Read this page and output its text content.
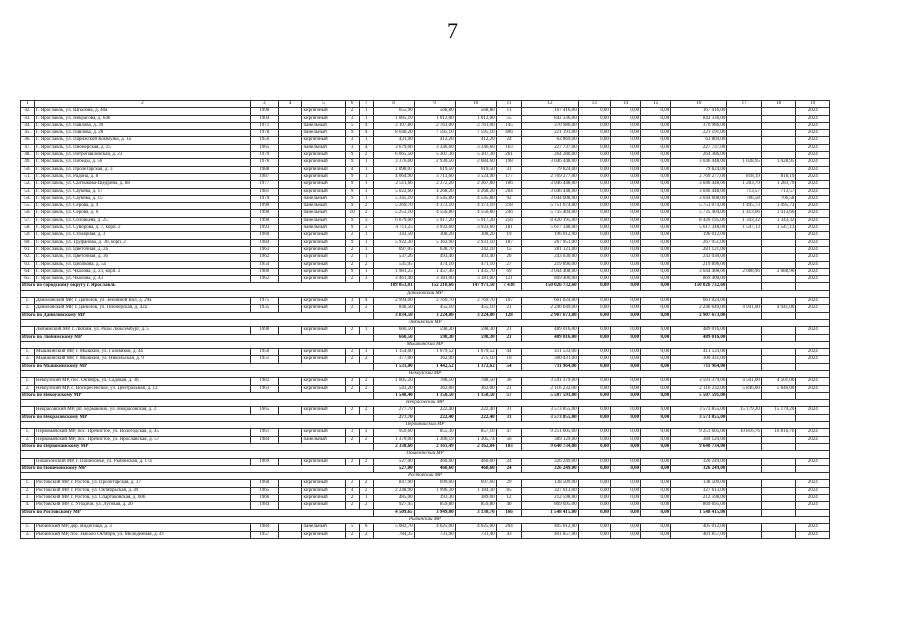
7
1	2	3	4	5	6	7	8	9	10	11	12	13	14	15	16	17	18	19
42.	Г. Ярославль, ул. Шпалова, д. 40а	1990		кирпичный	2	1	655,90	568,80	568,80	11	167 416,00	0,00	0,00	0,00	167 416,00			2024
43.	Г. Ярославль, ул. Некрасова, д. 64б	1904		кирпичный	3	1	1 085,10	1 012,00	1 012,00	55	842 336,00	0,00	0,00	0,00	842 336,00			2024
44.	Г. Ярославль, ул. Павлова, д. 39	1971		панельный	5	4	3 107,80	2 761,00	2 761,00	145	370 986,00	0,00	0,00	0,00	370 986,00			2024
45.	Г. Ярославль, ул. Павлова, д. 28	1978		панельный	9	4	8 640,20	7 595,10	7 595,10	406	221 191,00	0,00	0,00	0,00	221 191,00			2024
46.	Г. Ярославль, ул. Парижской Коммуны, д. 1а	1956		кирпичный	3	1	431,90	412,20	412,20	24	63 869,00	0,00	0,00	0,00	63 869,00			2024
47.	Г. Ярославль, ул. Пионерская, д. 25	1965		панельный	3	4	3 679,00	3 346,60	3 346,60	163	227 737,00	0,00	0,00	0,00	227 737,00			2024
48.	Г. Ярославль, ул. Петропавловская, д. 23	1979		кирпичный	9	2	6 065,50	5 307,30	5 307,30	261	264 386,00	0,00	0,00	0,00	264 386,00			2024
49.	Г. Ярославль, ул. Победы, д. 56	1976		кирпичный	9	1	3 376,00	2 930,50	2 684,60	198	3 046 448,00	0,00	0,00	0,00	3 046 448,00	1 028,95	1 028,95	2024
50.	Г. Ярославль, ул. Пролетарская, д. 3	1988		кирпичный	4	1	1 098,07	619,50	619,50	31	79 824,00	0,00	0,00	0,00	79 824,00			2024
51.	Г. Ярославль, ул. Радона, д. 8	1987		кирпичный	9	1	4 064,90	3 713,60	3 524,90	177	2 769 277,00	0,00	0,00	0,00	2 769 277,00	818,19	818,19	2024
52.	Г. Ярославль, ул. Салтыкова-Щедрина, д. 88	1977		кирпичный	9	1	2 511,66	2 372,20	2 367,80	106	3 046 448,00	0,00	0,00	0,00	3 046 448,00	1 283,79	1 283,79	2024
53.	Г. Ярославль, ул. Саукова, д. 17	1981		кирпичный	9	1	5 022,60	4 268,20	4 268,20	204	3 046 448,00	0,00	0,00	0,00	3 046 448,00	713,57	713,57	2024
54.	Г. Ярославль, ул. Саукова, д. 15	1979		панельный	9	1	5 345,10	4 545,80	4 545,80	92	3 044 608,00	0,00	0,00	0,00	3 044 608,00	706,58	706,58	2024
55.	Г. Ярославль, ул. Серова, д. 4	1990		панельный	9	2	5 269,70	4 373,10	4 373,10	218	5 751 074,00	0,00	0,00	0,00	5 751 074,00	1 495,73	1 495,73	2024
56.	Г. Ярославль, ул. Серова, д. 6	1990		панельный	10	2	5 253,10	4 556,80	4 556,80	246	5 735 404,00	0,00	0,00	0,00	5 735 404,00	1 413,66	1 413,66	2024
57.	Г. Ярославль, ул. Соловьева, д. 25	1990		панельный	9	3	6 679,00	5 917,20	5 917,20	256	8 420 195,00	0,00	0,00	0,00	8 420 195,00	1 343,32	1 343,32	2024
58.	Г. Ярославль, ул. Суворова, д. 7, корп. 2	1993		панельный	9	2	4 711,25	3 933,60	3 933,60	181	5 617 348,00	0,00	0,00	0,00	5 617 348,00	1 547,13	1 547,13	2024
59.	Г. Ярославль, ул. Столярная, д. 3	1960		кирпичный	2	1	343,50	308,20	308,20	19	196 012,00	0,00	0,00	0,00	196 012,00			2024
60.	Г. Ярославль, ул. Труфанова, д. 30, корп. 2	1984		кирпичный	9	1	5 922,30	5 163,90	2 931,10	187	267 951,00	0,00	0,00	0,00	267 951,00			2024
61.	Г. Ярославль, ул. Цветочная, д. 2а	1963		кирпичный	2	3	697,05	638,70	342,10	15	281 121,00	0,00	0,00	0,00	281 121,00			2024
62.	Г. Ярославль, ул. Цветочная, д. 36	1962		кирпичный	2	1	537,26	493,40	493,40	26	243 030,00	0,00	0,00	0,00	243 030,00			2024
63.	Г. Ярославль, ул. Циолкова, д. 5а	1954		кирпичный	2	2	535,95	474,10	471,10	27	219 896,00	0,00	0,00	0,00	219 896,00			2024
64.	Г. Ярославль, ул. Чкалова, д. 23, корп. 2	1980		кирпичный	9	1	1 981,25	1 457,40	1 435,70	69	3 044 408,00	0,00	0,00	0,00	3 044 408,00	2 088,96	2 088,96	2024
65.	Г. Ярославль, ул. Чкалова, д. 43	1962		кирпичный	2	3	3 461,40	3 181,00	3 181,00	121	869 400,00	0,00	0,00	0,00	869 400,00			2024
Итого по городскому округу г. Ярославль							189 053,01	152 210,60	147 971,50	7 430	150 026 732,60	0,00	0,00	0,00	150 026 732,60			
Даниловский МР																		
1.	Даниловский МР, г. Данилов, ул. Земляной Вал, д. 29а	1975		кирпичный	3	4	2 994,00	2 769,70	2 769,70	107	661 024,00	0,00	0,00	0,00	661 024,00			2024
2.	Даниловский МР, г. Данилов, ул. Пионерская, д. 42а	1935		кирпичный	2	2	840,50	455,10	455,10	21	2 246 649,00	0,00	0,00	0,00	2 246 649,00	4 941,00	4 941,00	2024
Итого по Даниловскому МР							3 834,50	3 224,80	3 224,80	128	2 907 673,00	0,00	0,00	0,00	2 907 673,00			
Любимский МР																		
	Любимский МР, г. Любим, ул. Розы Люксембург, д. 5	1990		кирпичный	2	1	660,50	598,30	598,30	21	489 016,00	0,00	0,00	0,00	489 016,00			2024
Итого по Любимскому МР							660,50	598,30	598,30	21	489 016,00	0,00	0,00	0,00	489 016,00			
Мышкинский МР																		
1.	Мышкинский МР, г. Мышкин, ул. Газовиков, д. 4а	1950		кирпичный	2	1	1 154,00	1 079,52	1 079,52	44	411 533,00	0,00	0,00	0,00	411 533,00			2024
2.	Мышкинский МР, г. Мышкин, ул. Никольская, д. 9	1951		кирпичный	2	2	377,00	362,90	375,10	10	300 431,00	0,00	0,00	0,00	300 431,00			2024
Итого по Мышкинскому МР							1 531,00	1 442,52	1 372,62	54	711 964,00	0,00	0,00	0,00	711 964,00			
Некоузский МР																		
1.	Некоузский МР, пос. Октябрь, ул. Садовая, д. 3б	1982		кирпичный	2	2	1 005,20	788,50	788,50	36	3 591 379,00	0,00	0,00	0,00	3 591 379,00	4 501,00	4 501,00	2024
2.	Некоузский МР, с. Воскресенское, ул. Центральная, д. 12	1963		кирпичный	2	2	543,20	362,00	362,00	21	2 116 232,00	0,00	0,00	0,00	2 116 232,00	5 846,00	5 846,00	2024
Итого по Некоузскому МР							1 548,40	1 150,50	1 150,50	57	5 507 591,00	0,00	0,00	0,00	5 507 591,00			
Некрасовский МР																		
	Некрасовский МР, рп. Бурмакино, ул. Некрасовская, д. 2	1965		кирпичный	2	2	277,70	222,40	222,40	31	3 573 855,00	0,00	0,00	0,00	3 573 855,00	15 179,20	15 179,20	2024
Итого по Некрасовскому МР							277,70	222,40	222,40	31	3 573 855,00	0,00	0,00	0,00	3 573 855,00			
Первомайский МР																		
1.	Первомайский МР, пос. Пречистое, ул. Вологодская, д. 45	1961		кирпичный	3	3	959,60	855,30	857,10	47	9 251 605,00	0,00	0,00	0,00	9 251 605,00	10 816,76	10 816,76	2024
2.	Первомайский МР, пос. Пречистое, ул. Ярославская, д. 57	1984		панельный	2	2	1 379,00	1 306,19	1 305,74	56	389 129,00	0,00	0,00	0,00	389 129,00			2024
Итого по Первомайскому МР							2 338,60	2 161,49	2 162,84	103	9 640 734,00	0,00	0,00	0,00	9 640 734,00			
Пошехонский МР																		
	Пошехонский МР, г. Пошехонье, ул. Рыбинская, д. 17а	1969		кирпичный	2	2	527,00	460,60	460,60	24	326 249,00	0,00	0,00	0,00	326 249,00			2024
Итого по Пошехонскому МР							527,00	460,60	460,60	24	326 249,00	0,00	0,00	0,00	326 249,00			
Ростовский МР																		
1.	Ростовский МР, г. Ростов, ул. Пролетарская, д. 37	1968		кирпичный	2	2	847,90	699,60	697,60	29	138 509,00	0,00	0,00	0,00	138 509,00			2024
2.	Ростовский МР, г. Ростов, ул. Октябрьская, д. 49	1965		кирпичный	4	2	2 248,90	1 996,30	1 184,30	85	327 613,00	0,00	0,00	0,00	327 613,00			2024
3.	Ростовский МР, г. Ростов, ул. Спартаковская, д. 60б	1966		кирпичный	2	1	485,00	393,30	389,00	12	212 598,00	0,00	0,00	0,00	212 598,00			2024
4.	Ростовский МР, с. Угодичи, ул. Луговая, д. 20	1984		кирпичный	2	2	927,95	859,80	859,80	40	869 695,00	0,00	0,00	0,00	869 695,00			2024
Итого по Ростовскому МР							4 509,65	3 949,00	3 130,70	166	1 548 415,00	0,00	0,00	0,00	1 548 415,00			
Рыбинский МР																		
1.	Рыбинский МР, дер. Видогоща, д. 3	1984		панельный	5	6	5 082,70	4 625,00	4 625,00	204	405 012,00	0,00	0,00	0,00	405 012,00			2024
2.	Рыбинский МР, пос. Начало Октября, ул. Молодежная, д. 41	1957		кирпичный	2	2	784,35	731,90	731,40	43	401 857,00	0,00	0,00	0,00	401 857,00			2024
